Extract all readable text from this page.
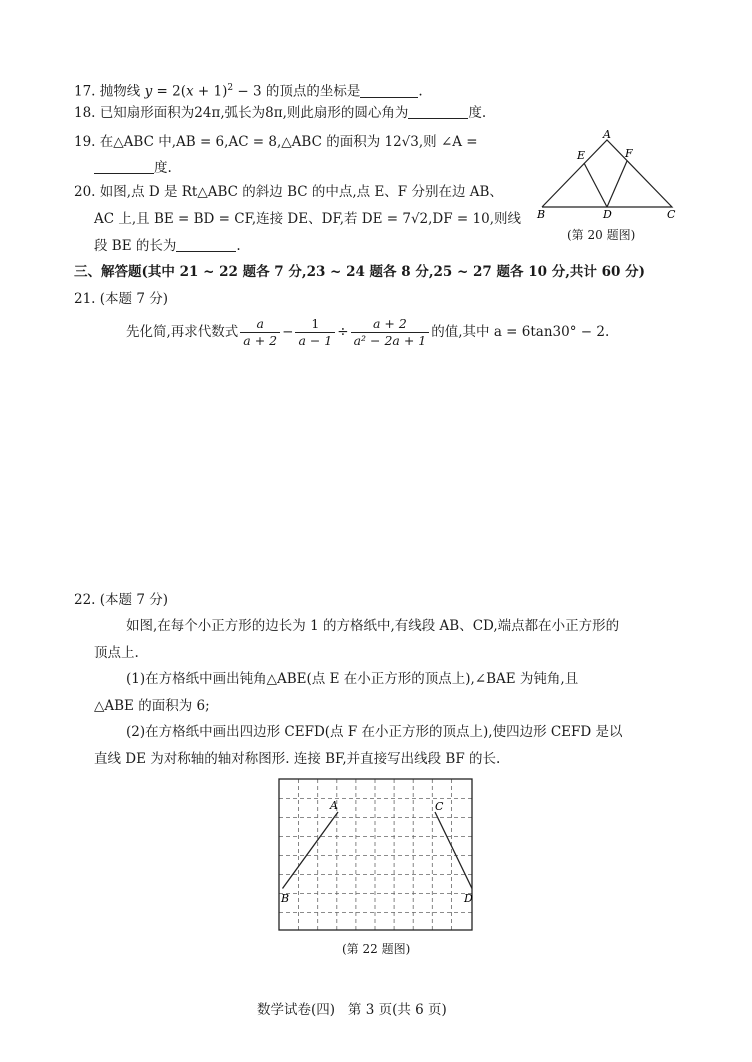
17. 抛物线 $y = 2(x + 1)^2 - 3$ 的顶点的坐标是	.
18. 已知扇形面积为24π,弧长为8π,则此扇形的圆心角为	度.
19. 在△ABC 中,AB = 6,AC = 8,△ABC 的面积为 12√3,则 ∠A =
度.
20. 如图,点 D 是 Rt△ABC 的斜边 BC 的中点,点 E、F 分别在边 AB、
AC 上,且 BE = BD = CF,连接 DE、DF,若 DE = 7√2,DF = 10,则线
段 BE 的长为	.
A
E	F
B	D	C
(第 20 题图)
三、解答题(其中 21 ~ 22 题各 7 分,23 ~ 24 题各 8 分,25 ~ 27 题各 10 分,共计 60 分)
21. (本题 7 分)
先化简,再求代数式 $\frac{a}{a + 2} - \frac{1}{a - 1} \div \frac{a + 2}{\text{a² − 2a + 1}}$ 的值,其中 a = 6tan30° − 2.
22. (本题 7 分)
如图,在每个小正方形的边长为 1 的方格纸中,有线段 AB、CD,端点都在小正方形的
顶点上.
(1)在方格纸中画出钝角△ABE(点 E 在小正方形的顶点上),∠BAE 为钝角,且
△ABE 的面积为 6;
(2)在方格纸中画出四边形 CEFD(点 F 在小正方形的顶点上),使四边形 CEFD 是以
直线 DE 为对称轴的轴对称图形. 连接 BF,并直接写出线段 BF 的长.
A
B
C
D
(第 22 题图)
数学试卷(四)   第 3 页(共 6 页)
